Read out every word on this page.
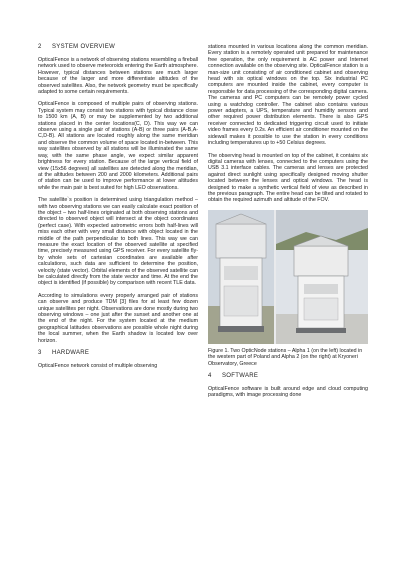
2 SYSTEM OVERVIEW

OpticalFence is a network of observing stations resembling a fireball network used to observe meteoroids entering the Earth atmosphere. However, typical distances between stations are much larger because of the larger and more differentiate altitudes of the observed satellites. Also, the network geometry must be specifically adapted to some certain requirements.

OpticalFence is composed of multiple pairs of observing stations. Typical system may consist two stations with typical distance close to 1500 km (A, B) or may be supplemented by two additional stations placed in the center locations(C, D). This way we can observe using a single pair of stations (A-B) or three pairs (A-B,A-C,D-B). All stations are located roughly along the same meridian and observe the common volume of space located in-between. This way satellites observed by all stations will be illuminated the same way, with the same phase angle, we expect similar apparent brightness for every station. Because of the large vertical field of view (15x56 degrees) all satellites are detected along the meridian, at the altitudes between 200 and 2000 kilometers. Additional pairs of station can be used to improve performance at lower altitudes while the main pair is best suited for high LEO observations.

The satellite`s position is determined using triangulation method – with two observing stations we can easily calculate exact position of the object – two half-lines originated at both observing stations and directed to observed object will intersect at the object coordinates (perfect case). With expected astrometric errors both half-lines will miss each other with very small distance with object located in the middle of the path perpendicular to both lines. This way we can measure the exact location of the observed satellite at specified time, precisely measured using GPS receiver. For every satellite fly-by whole sets of cartesian coordinates are available after calculations, such data are sufficient to determine the position, velocity (state vector). Orbital elements of the observed satellite can be calculated directly from the state vector and time. At the end the object is identified (if possible) by comparison with recent TLE data.

According to simulations every properly arranged pair of stations can observe and produce TDM [3] files for at least few dozen unique satellites per night. Observations are done mostly during two observing windows – one just after the sunset and another one at the end of the night. For the system located at the medium geographical latitudes observations are possible whole night during the local summer, when the Earth shadow is located low over horizon.

3 HARDWARE

OpticalFence network consist of multiple observing

stations mounted in various locations along the common meridian. Every station is a remotely operated unit prepared for maintenance free operation, the only requirement is AC power and Internet connection available on the observing site. OpticalFence station is a man-size unit consisting of air conditioned cabinet and observing head with six optical windows on the top. Six industrial PC computers are mounted inside the cabinet, every computer is responsible for data processing of the corresponding digital camera. The cameras and PC computers can be remotely power cycled using a watchdog controller. The cabinet also contains various power adapters, a UPS, temperature and humidity sensors and other required power distribution elements. There is also GPS receiver connected to dedicated triggering circuit used to initiate video frames every 0.2s. An efficient air conditioner mounted on the sidewall makes it possible to use the station in every conditions including temperatures up to +50 Celsius degrees.

The observing head is mounted on top of the cabinet, it contains six digital cameras with lenses, connected to the computers using the USB 3.1 interface cables. The cameras and lenses are protected against direct sunlight using specifically designed moving shutter located between the lenses and optical windows. The head is designed to make a synthetic vertical field of view as described in the previous paragraph. The entire head can be tilted and rotated to obtain the required azimuth and altitude of the FOV.

Figure 1. Two OpticNode stations – Alpha 1 (on the left) located in the western part of Poland and Alpha 2 (on the right) at Kryoneri Observatory, Greece

4 SOFTWARE

OpticalFence software is built around edge and cloud computing paradigms, with image processing done
